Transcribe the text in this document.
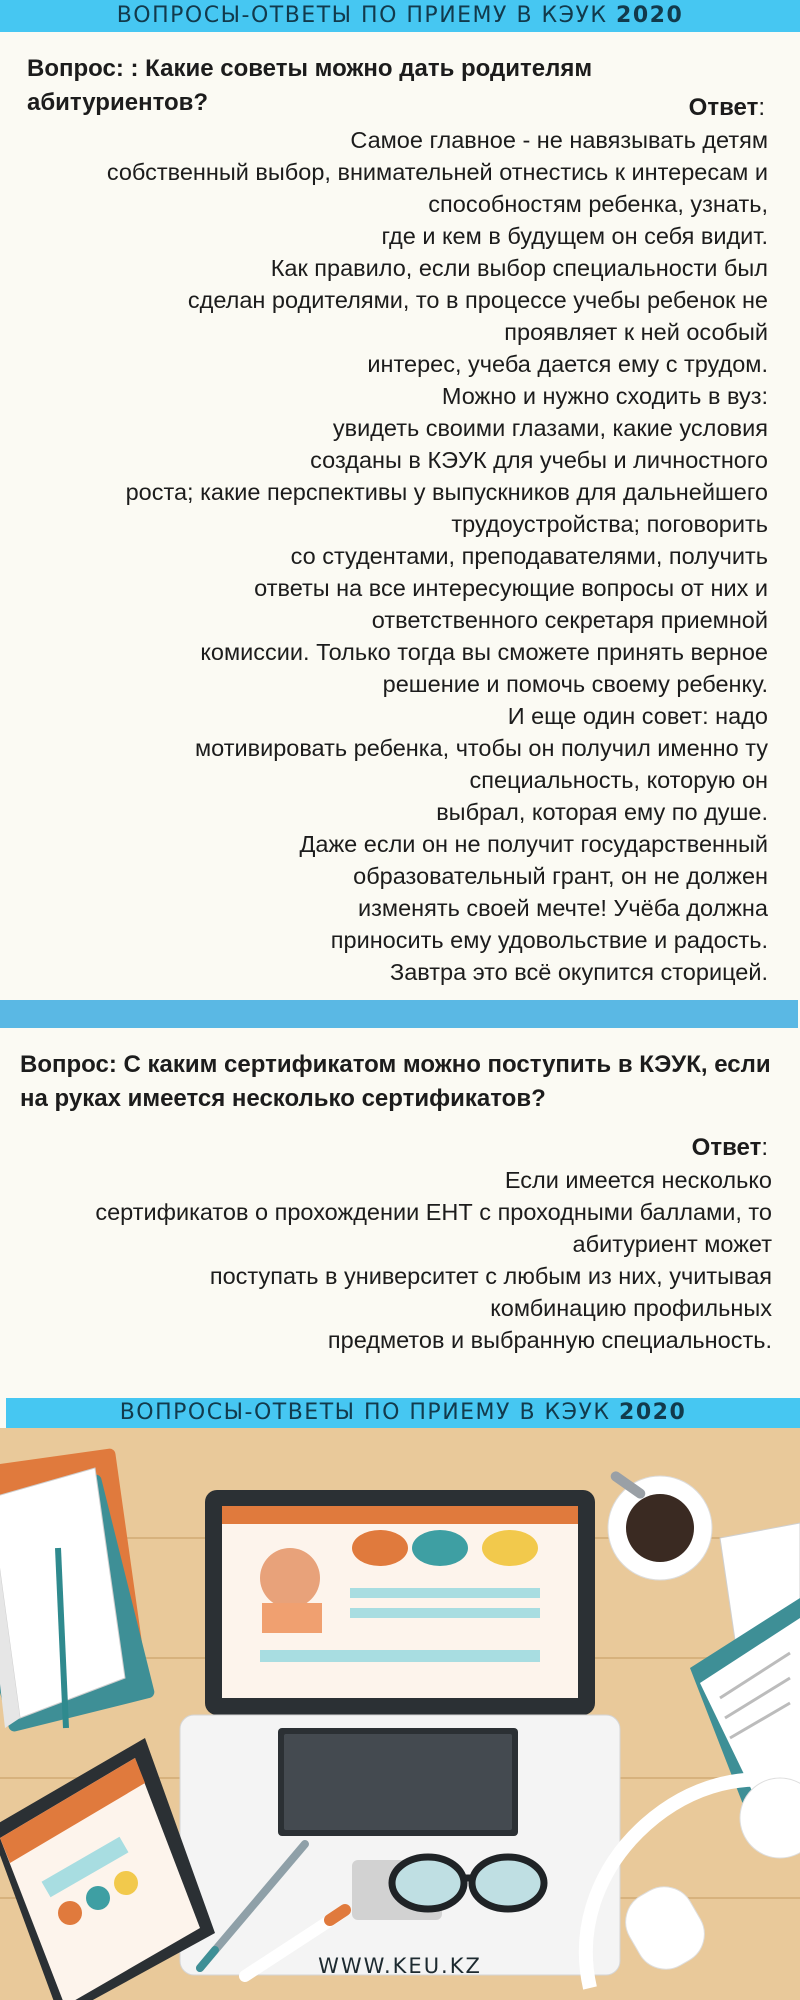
ВОПРОСЫ-ОТВЕТЫ ПО ПРИЕМУ В КЭУК 2020

Вопрос: : Какие советы можно дать родителям абитуриентов?	Ответ:
Самое главное - не навязывать детям
собственный выбор, внимательней отнестись к интересам и
способностям ребенка, узнать,
где и кем в будущем он себя видит.
Как правило, если выбор специальности был
сделан родителями, то в процессе учебы ребенок не
проявляет к ней особый
интерес, учеба дается ему с трудом.
Можно и нужно сходить в вуз:
увидеть своими глазами, какие условия
созданы в КЭУК для учебы и личностного
роста; какие перспективы у выпускников для дальнейшего
трудоустройства; поговорить
со студентами, преподавателями, получить
ответы на все интересующие вопросы от них и
ответственного секретаря приемной
комиссии. Только тогда вы сможете принять верное
решение и помочь своему ребенку.
И еще один совет: надо
мотивировать ребенка, чтобы он получил именно ту
специальность, которую он
выбрал, которая ему по душе.
Даже если он не получит государственный
образовательный грант, он не должен
изменять своей мечте! Учёба должна
приносить ему удовольствие и радость.
Завтра это всё окупится сторицей.

Вопрос: С каким сертификатом можно поступить в КЭУК, если на руках имеется несколько сертификатов?

Ответ:
Если имеется несколько
сертификатов о прохождении ЕНТ с проходными баллами, то
абитуриент может
поступать в университет с любым из них, учитывая
комбинацию профильных
предметов и выбранную специальность.
ВОПРОСЫ-ОТВЕТЫ ПО ПРИЕМУ В КЭУК 2020
WWW.KEU.KZ
